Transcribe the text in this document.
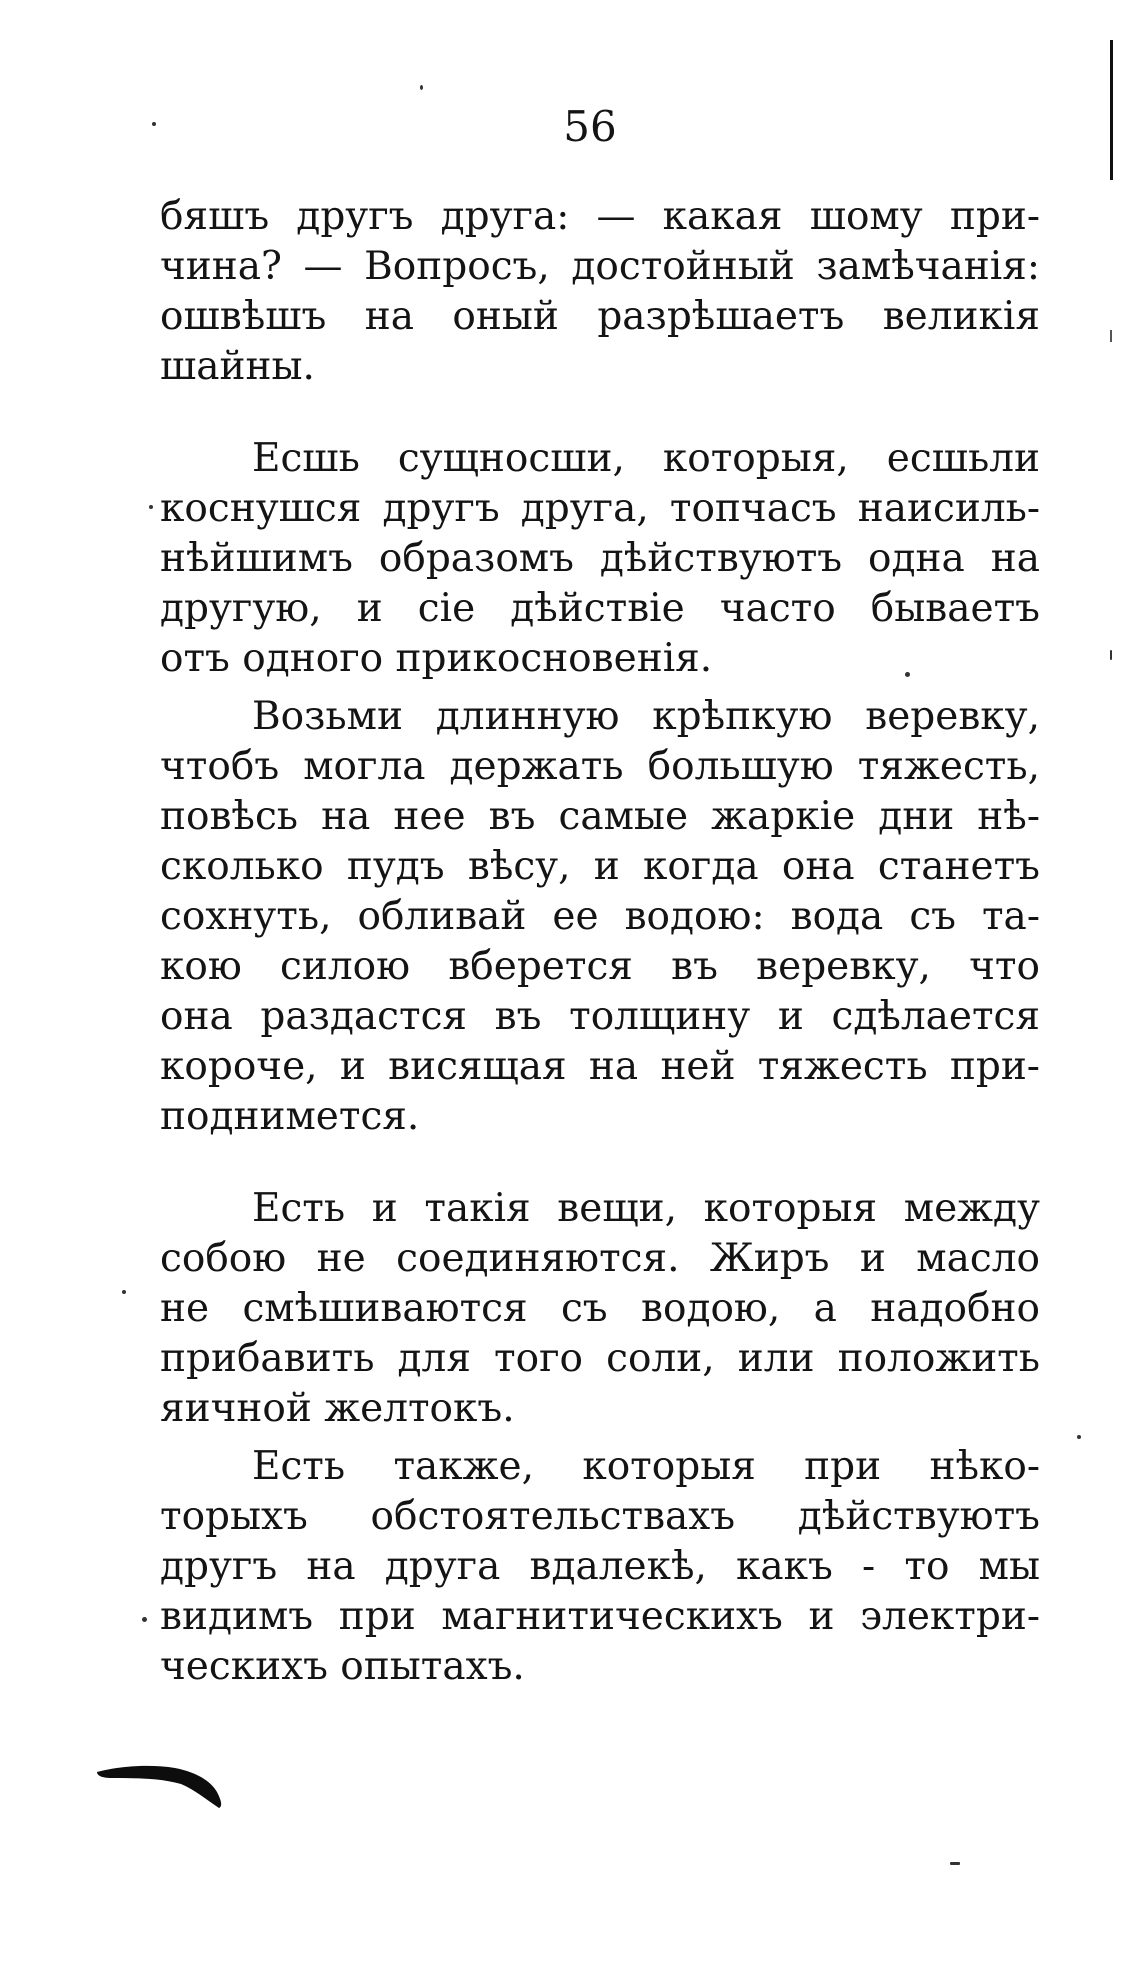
56
бяшъ другъ друга: — какая шому при-
чина? — Вопросъ, достойный замѣчанія:
ошвѣшъ на оный разрѣшаетъ великія
шайны.
Есшь сущносши, которыя, есшьли
коснушся другъ друга, топчасъ наисиль-
нѣйшимъ образомъ дѣйствуютъ одна на
другую, и сіе дѣйствіе часто бываетъ
отъ одного прикосновенія.
Возьми длинную крѣпкую веревку,
чтобъ могла держать большую тяжесть,
повѣсь на нее въ самые жаркіе дни нѣ-
сколько пудъ вѣсу, и когда она станетъ
сохнуть, обливай ее водою: вода съ та-
кою силою вберется въ веревку, что
она раздастся въ толщину и сдѣлается
короче, и висящая на ней тяжесть при-
поднимется.
Есть и такія вещи, которыя между
собою не соединяются. Жиръ и масло
не смѣшиваются съ водою, а надобно
прибавить для того соли, или положить
яичной желтокъ.
Есть также, которыя при нѣко-
торыхъ обстоятельствахъ дѣйствуютъ
другъ на друга вдалекѣ, какъ - то мы
видимъ при магнитическихъ и электри-
ческихъ опытахъ.
